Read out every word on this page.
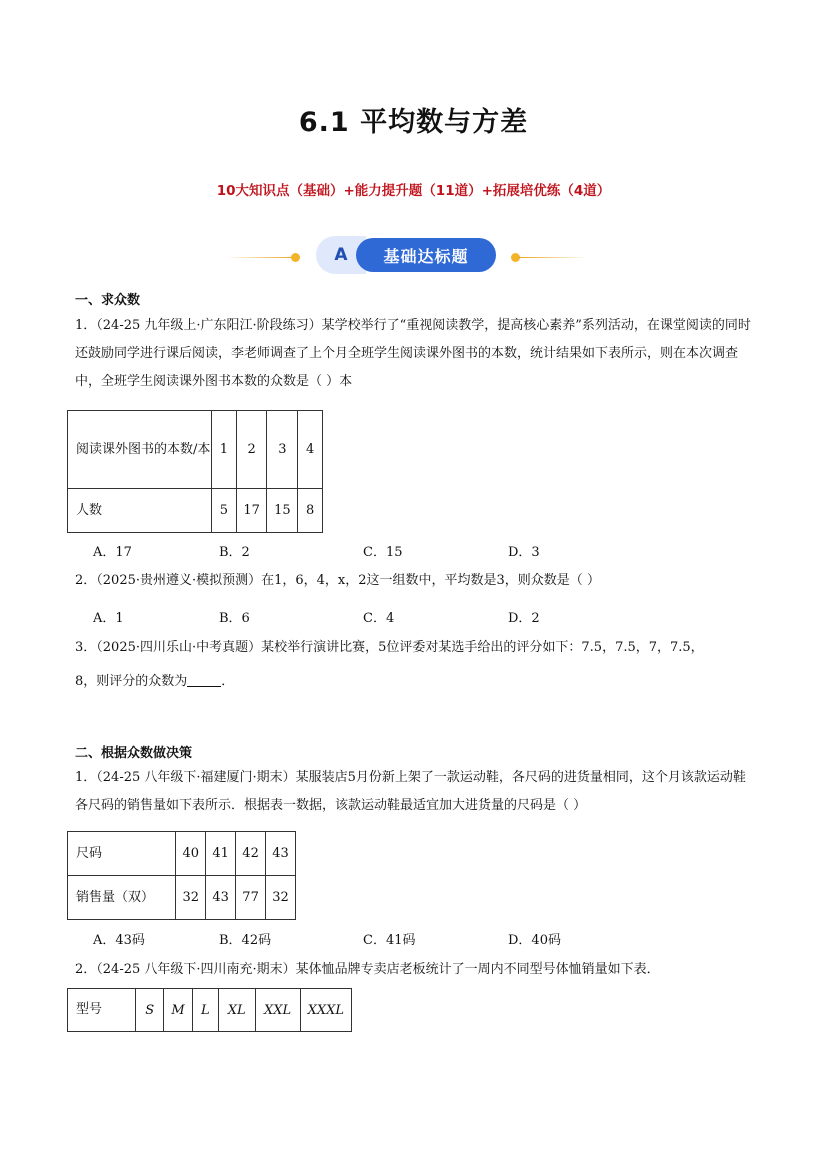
6.1 平均数与方差
10大知识点（基础）+能力提升题（11道）+拓展培优练（4道）
A	基础达标题
一、求众数
1．（24-25 九年级上·广东阳江·阶段练习）某学校举行了“重视阅读教学，提高核心素养”系列活动，在课堂阅读的同时还鼓励同学进行课后阅读，李老师调查了上个月全班学生阅读课外图书的本数，统计结果如下表所示，则在本次调查中，全班学生阅读课外图书本数的众数是（ ）本
阅读课外图书的本数/本	1	2	3	4
人数	5	17	15	8
A．17	B．2	C．15	D．3
2．（2025·贵州遵义·模拟预测）在1，6，4，x，2这一组数中，平均数是3，则众数是（ ）
A．1	B．6	C．4	D．2
3．（2025·四川乐山·中考真题）某校举行演讲比赛，5位评委对某选手给出的评分如下：7.5，7.5，7，7.5，
8，则评分的众数为	．
二、根据众数做决策
1．（24-25 八年级下·福建厦门·期末）某服装店5月份新上架了一款运动鞋，各尺码的进货量相同，这个月该款运动鞋各尺码的销售量如下表所示．根据表一数据，该款运动鞋最适宜加大进货量的尺码是（ ）
尺码	40	41	42	43
销售量（双）	32	43	77	32
A．43码	B．42码	C．41码	D．40码
2．（24-25 八年级下·四川南充·期末）某体恤品牌专卖店老板统计了一周内不同型号体恤销量如下表．
型号	S	M	L	XL	XXL	XXXL
